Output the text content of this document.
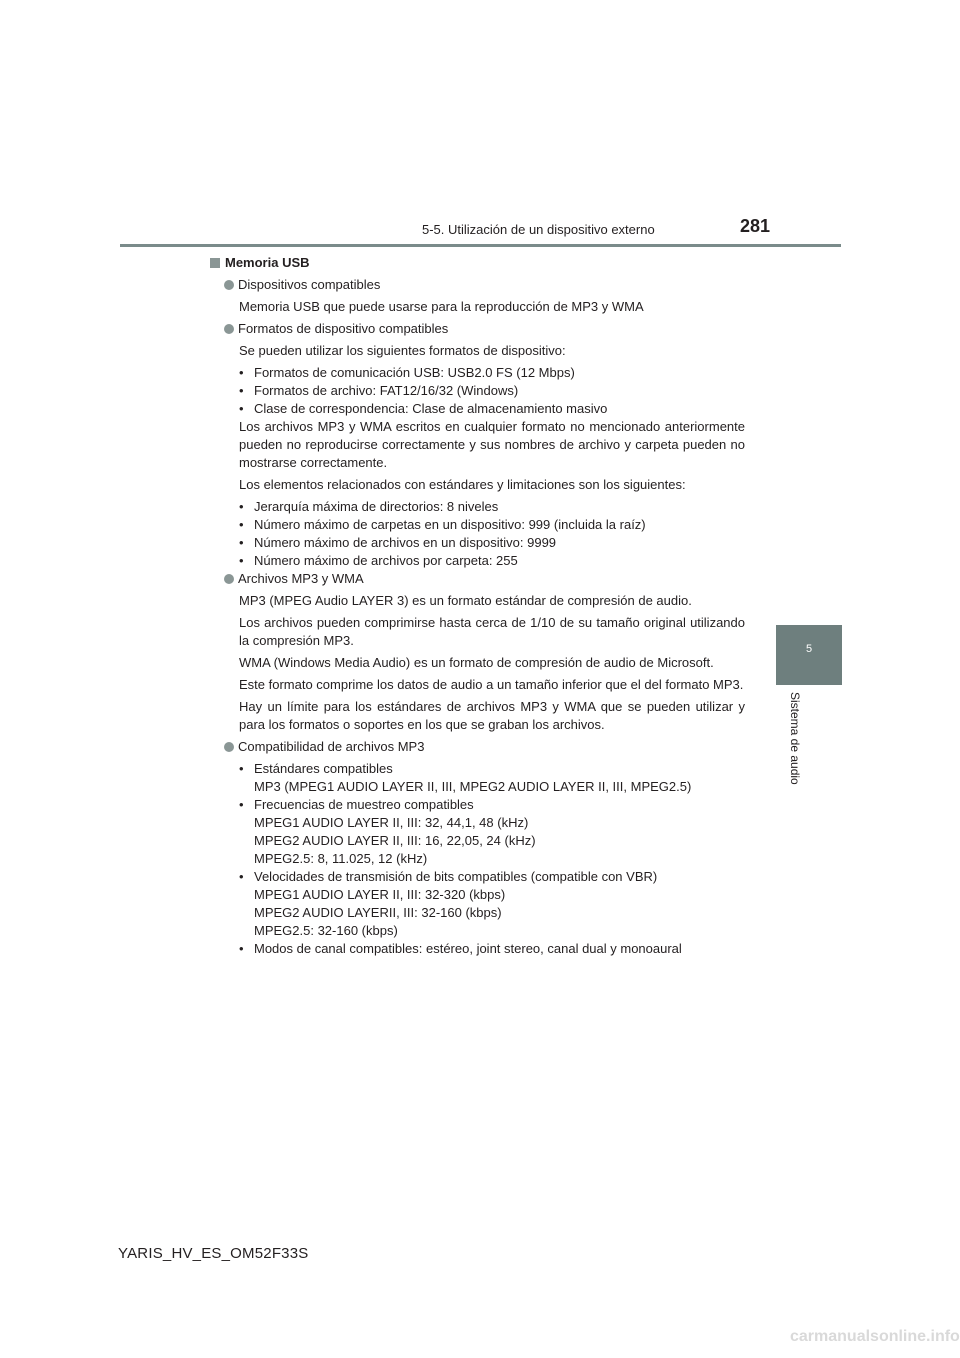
5-5. Utilización de un dispositivo externo	281
5
Sistema de audio
Memoria USB
Dispositivos compatibles
Memoria USB que puede usarse para la reproducción de MP3 y WMA
Formatos de dispositivo compatibles
Se pueden utilizar los siguientes formatos de dispositivo:
• Formatos de comunicación USB: USB2.0 FS (12 Mbps)
• Formatos de archivo: FAT12/16/32 (Windows)
• Clase de correspondencia: Clase de almacenamiento masivo
Los archivos MP3 y WMA escritos en cualquier formato no mencionado anteriormente pueden no reproducirse correctamente y sus nombres de archivo y carpeta pueden no mostrarse correctamente.
Los elementos relacionados con estándares y limitaciones son los siguientes:
• Jerarquía máxima de directorios: 8 niveles
• Número máximo de carpetas en un dispositivo: 999 (incluida la raíz)
• Número máximo de archivos en un dispositivo: 9999
• Número máximo de archivos por carpeta: 255
Archivos MP3 y WMA
MP3 (MPEG Audio LAYER 3) es un formato estándar de compresión de audio.
Los archivos pueden comprimirse hasta cerca de 1/10 de su tamaño original utilizando la compresión MP3.
WMA (Windows Media Audio) es un formato de compresión de audio de Microsoft.
Este formato comprime los datos de audio a un tamaño inferior que el del formato MP3.
Hay un límite para los estándares de archivos MP3 y WMA que se pueden utilizar y para los formatos o soportes en los que se graban los archivos.
Compatibilidad de archivos MP3
• Estándares compatibles
MP3 (MPEG1 AUDIO LAYER II, III, MPEG2 AUDIO LAYER II, III, MPEG2.5)
• Frecuencias de muestreo compatibles
MPEG1 AUDIO LAYER II, III: 32, 44,1, 48 (kHz)
MPEG2 AUDIO LAYER II, III: 16, 22,05, 24 (kHz)
MPEG2.5: 8, 11.025, 12 (kHz)
• Velocidades de transmisión de bits compatibles (compatible con VBR)
MPEG1 AUDIO LAYER II, III: 32-320 (kbps)
MPEG2 AUDIO LAYERII, III: 32-160 (kbps)
MPEG2.5: 32-160 (kbps)
• Modos de canal compatibles: estéreo, joint stereo, canal dual y monoaural
YARIS_HV_ES_OM52F33S
carmanualsonline.info
